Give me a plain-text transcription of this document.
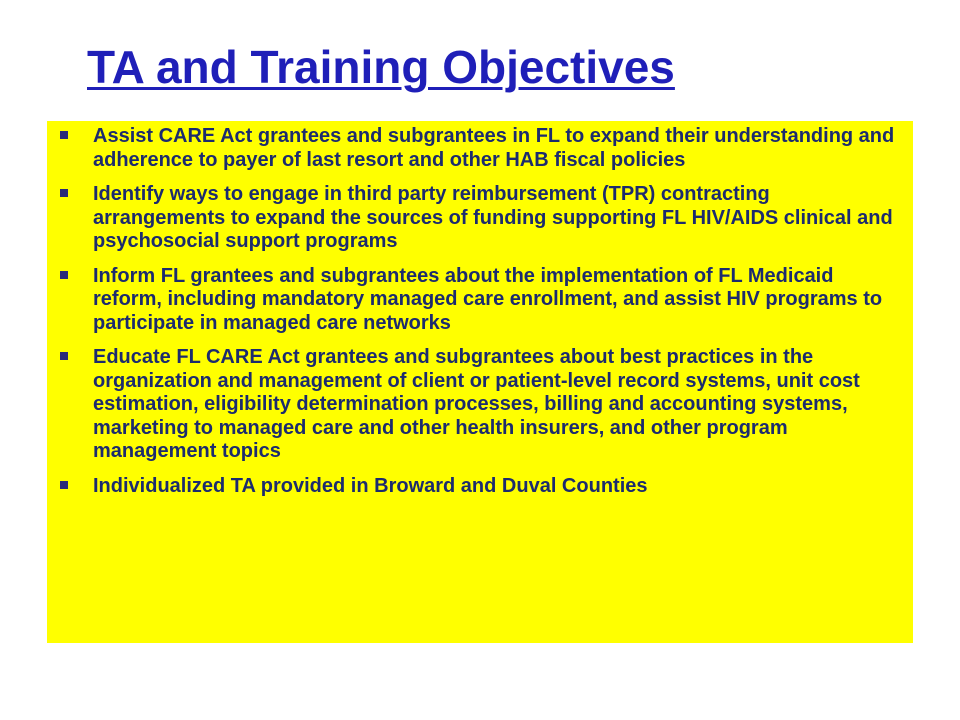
TA and Training Objectives
Assist CARE Act grantees and subgrantees in FL to expand their understanding and adherence to payer of last resort and other HAB fiscal policies
Identify ways to engage in third party reimbursement (TPR) contracting arrangements to expand the sources of funding supporting FL HIV/AIDS clinical and psychosocial support programs
Inform FL grantees and subgrantees about the implementation of FL Medicaid reform, including mandatory managed care enrollment, and assist HIV programs to participate in managed care networks
Educate FL CARE Act grantees and subgrantees about best practices in the organization and management of client or patient-level record systems, unit cost estimation, eligibility determination processes, billing and accounting systems, marketing to managed care and other health insurers, and other program management topics
Individualized TA provided in Broward and Duval Counties
